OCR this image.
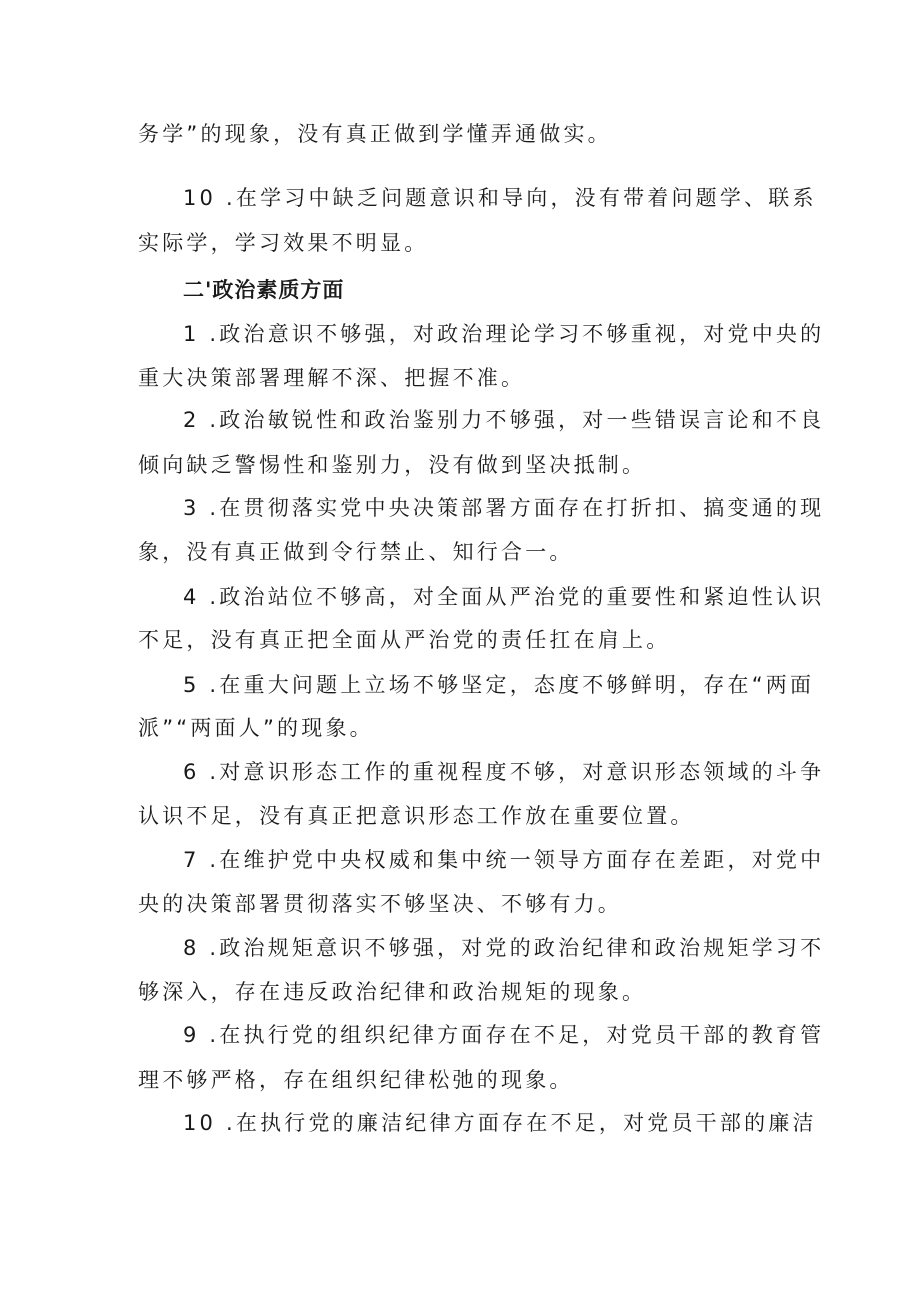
务学”的现象，没有真正做到学懂弄通做实。
10 .在学习中缺乏问题意识和导向，没有带着问题学、联系
实际学，学习效果不明显。
二'政治素质方面
1 .政治意识不够强，对政治理论学习不够重视，对党中央的
重大决策部署理解不深、把握不准。
2 .政治敏锐性和政治鉴别力不够强，对一些错误言论和不良
倾向缺乏警惕性和鉴别力，没有做到坚决抵制。
3 .在贯彻落实党中央决策部署方面存在打折扣、搞变通的现
象，没有真正做到令行禁止、知行合一。
4 .政治站位不够高，对全面从严治党的重要性和紧迫性认识
不足，没有真正把全面从严治党的责任扛在肩上。
5 .在重大问题上立场不够坚定，态度不够鲜明，存在“两面
派”“两面人”的现象。
6 .对意识形态工作的重视程度不够，对意识形态领域的斗争
认识不足，没有真正把意识形态工作放在重要位置。
7 .在维护党中央权威和集中统一领导方面存在差距，对党中
央的决策部署贯彻落实不够坚决、不够有力。
8 .政治规矩意识不够强，对党的政治纪律和政治规矩学习不
够深入，存在违反政治纪律和政治规矩的现象。
9 .在执行党的组织纪律方面存在不足，对党员干部的教育管
理不够严格，存在组织纪律松弛的现象。
10 .在执行党的廉洁纪律方面存在不足，对党员干部的廉洁
